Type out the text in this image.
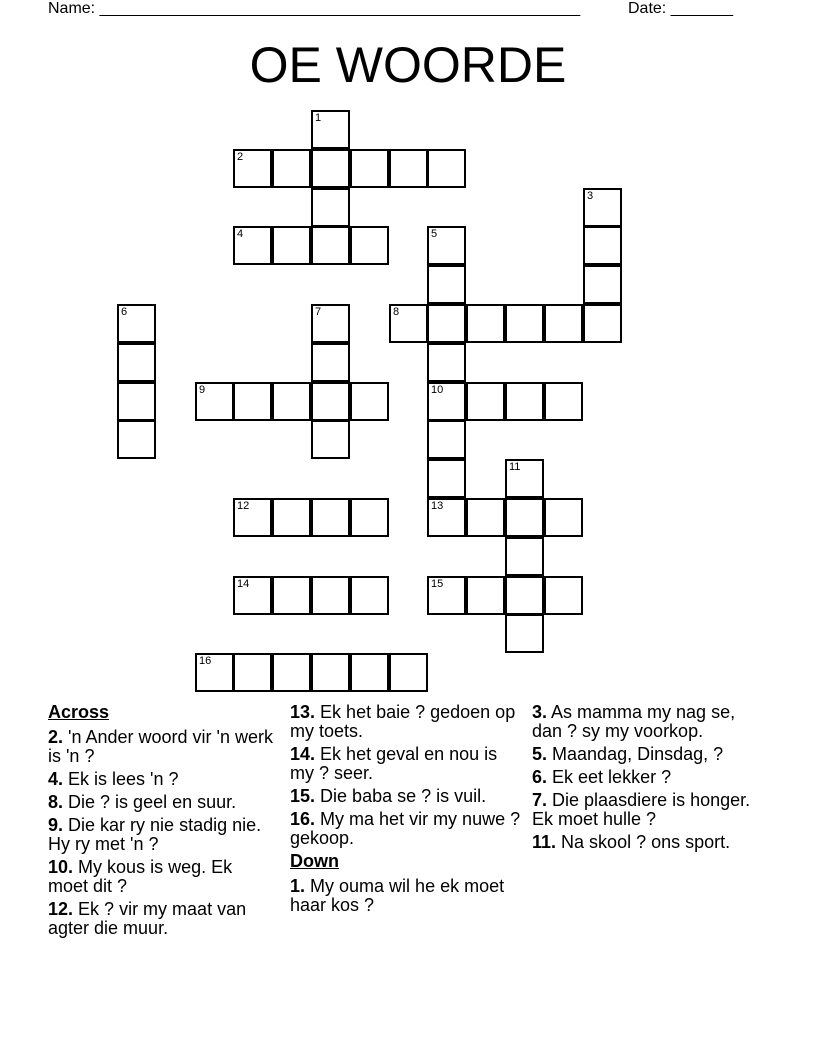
Name: ______________________________________________________	Date: _______
OE WOORDE
1
2
3
4	5
10
6	7	8
9
11
12	13
14	15
16
Across
2. 'n Ander woord vir 'n werk is 'n ?
4. Ek is lees 'n ?
8. Die ? is geel en suur.
9. Die kar ry nie stadig nie. Hy ry met 'n ?
10. My kous is weg. Ek moet dit ?
12. Ek ? vir my maat van agter die muur.
13. Ek het baie ? gedoen op my toets.
14. Ek het geval en nou is my ? seer.
15. Die baba se ? is vuil.
16. My ma het vir my nuwe ? gekoop.
Down
1. My ouma wil he ek moet haar kos ?
3. As mamma my nag se, dan ? sy my voorkop.
5. Maandag, Dinsdag, ?
6. Ek eet lekker ?
7. Die plaasdiere is honger. Ek moet hulle ?
11. Na skool ? ons sport.
